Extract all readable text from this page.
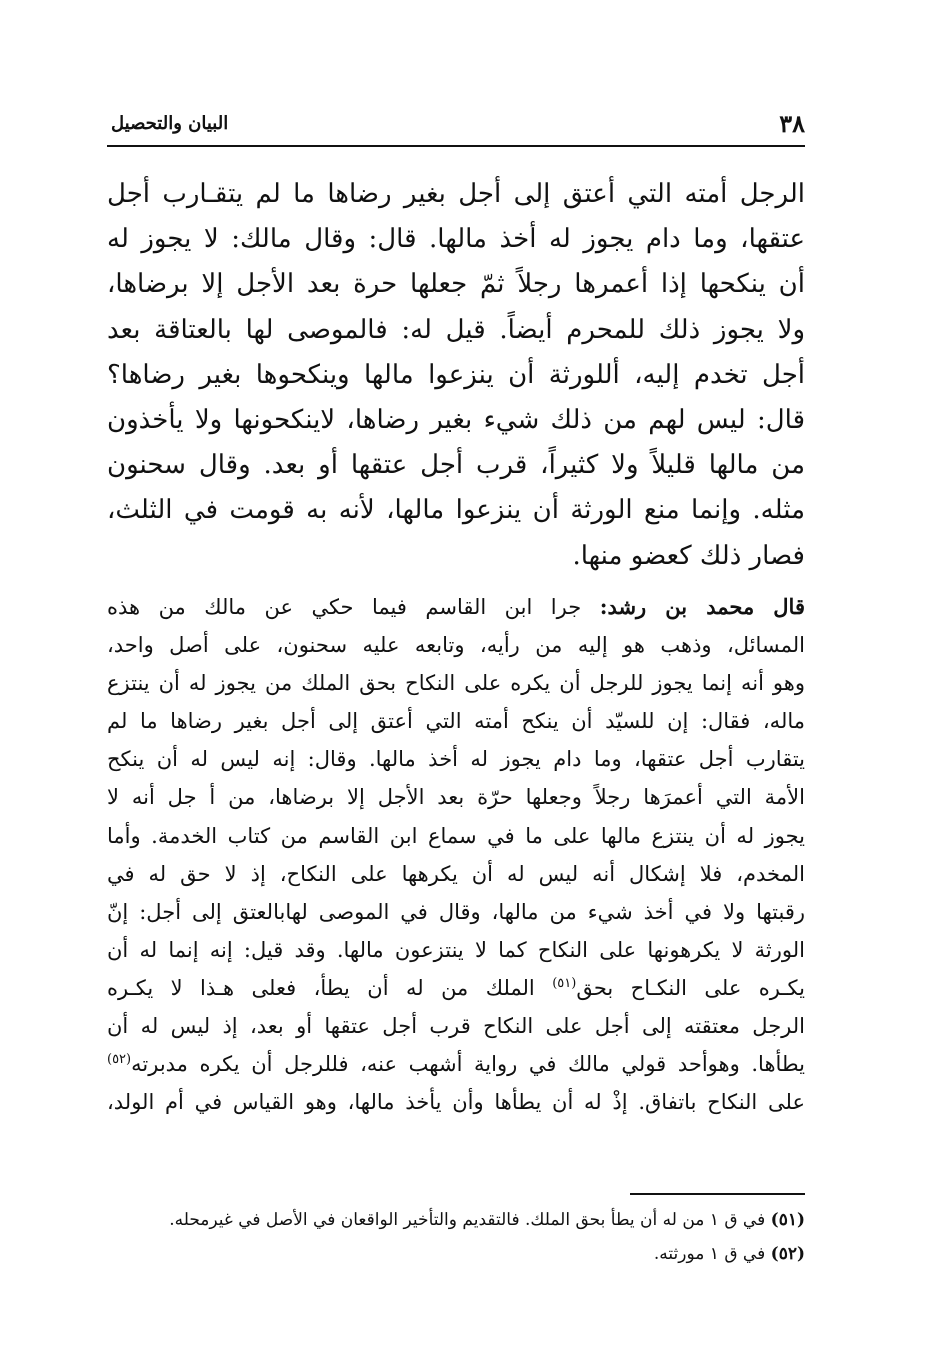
٣٨
البيان والتحصيل
الرجل أمته التي أعتق إلى أجل بغير رضاها ما لم يتقـارب أجل
عتقها، وما دام يجوز له أخذ مالها. قال: وقال مالك: لا يجوز له
أن ينكحها إذا أعمرها رجلاً ثمّ جعلها حرة بعد الأجل إلا برضاها،
ولا يجوز ذلك للمحرم أيضاً. قيل له: فالموصى لها بالعتاقة بعد
أجل تخدم إليه، أللورثة أن ينزعوا مالها وينكحوها بغير رضاها؟
قال: ليس لهم من ذلك شيء بغير رضاها، لاينكحونها ولا يأخذون
من مالها قليلاً ولا كثيراً، قرب أجل عتقها أو بعد. وقال سحنون
مثله. وإنما منع الورثة أن ينزعوا مالها، لأنه به قومت في الثلث،
فصار ذلك كعضو منها.
قال محمد بن رشد: جرا ابن القاسم فيما حكي عن مالك من هذه
المسائل، وذهب هو إليه من رأيه، وتابعه عليه سحنون، على أصل واحد،
وهو أنه إنما يجوز للرجل أن يكره على النكاح بحق الملك من يجوز له أن ينتزع
ماله، فقال: إن للسيّد أن ينكح أمته التي أعتق إلى أجل بغير رضاها ما لم
يتقارب أجل عتقها، وما دام يجوز له أخذ مالها. وقال: إنه ليس له أن ينكح
الأمة التي أعمرَها رجلاً وجعلها حرّة بعد الأجل إلا برضاها، من أ جل أنه لا
يجوز له أن ينتزع مالها على ما في سماع ابن القاسم من كتاب الخدمة. وأما
المخدم، فلا إشكال أنه ليس له أن يكرهها على النكاح، إذ لا حق له في
رقبتها ولا في أخذ شيء من مالها، وقال في الموصى لهابالعتق إلى أجل: إنّ
الورثة لا يكرهونها على النكاح كما لا ينتزعون مالها. وقد قيل: إنه إنما له أن
يكـره على النكـاح بحق$^{(٥١)}$ الملك من له أن يطأ، فعلى هـذا لا يكـره
الرجل معتقته إلى أجل على النكاح قرب أجل عتقها أو بعد، إذ ليس له أن
يطأها. وهوأحد قولي مالك في رواية أشهب عنه، فللرجل أن يكره مدبرته$^{(٥٢)}$
على النكاح باتفاق. إذْ له أن يطأها وأن يأخذ مالها، وهو القياس في أم الولد،
(٥١) في ق ١ من له أن يطأ بحق الملك. فالتقديم والتأخير الواقعان في الأصل في غيرمحله.
(٥٢) في ق ١ مورثته.
